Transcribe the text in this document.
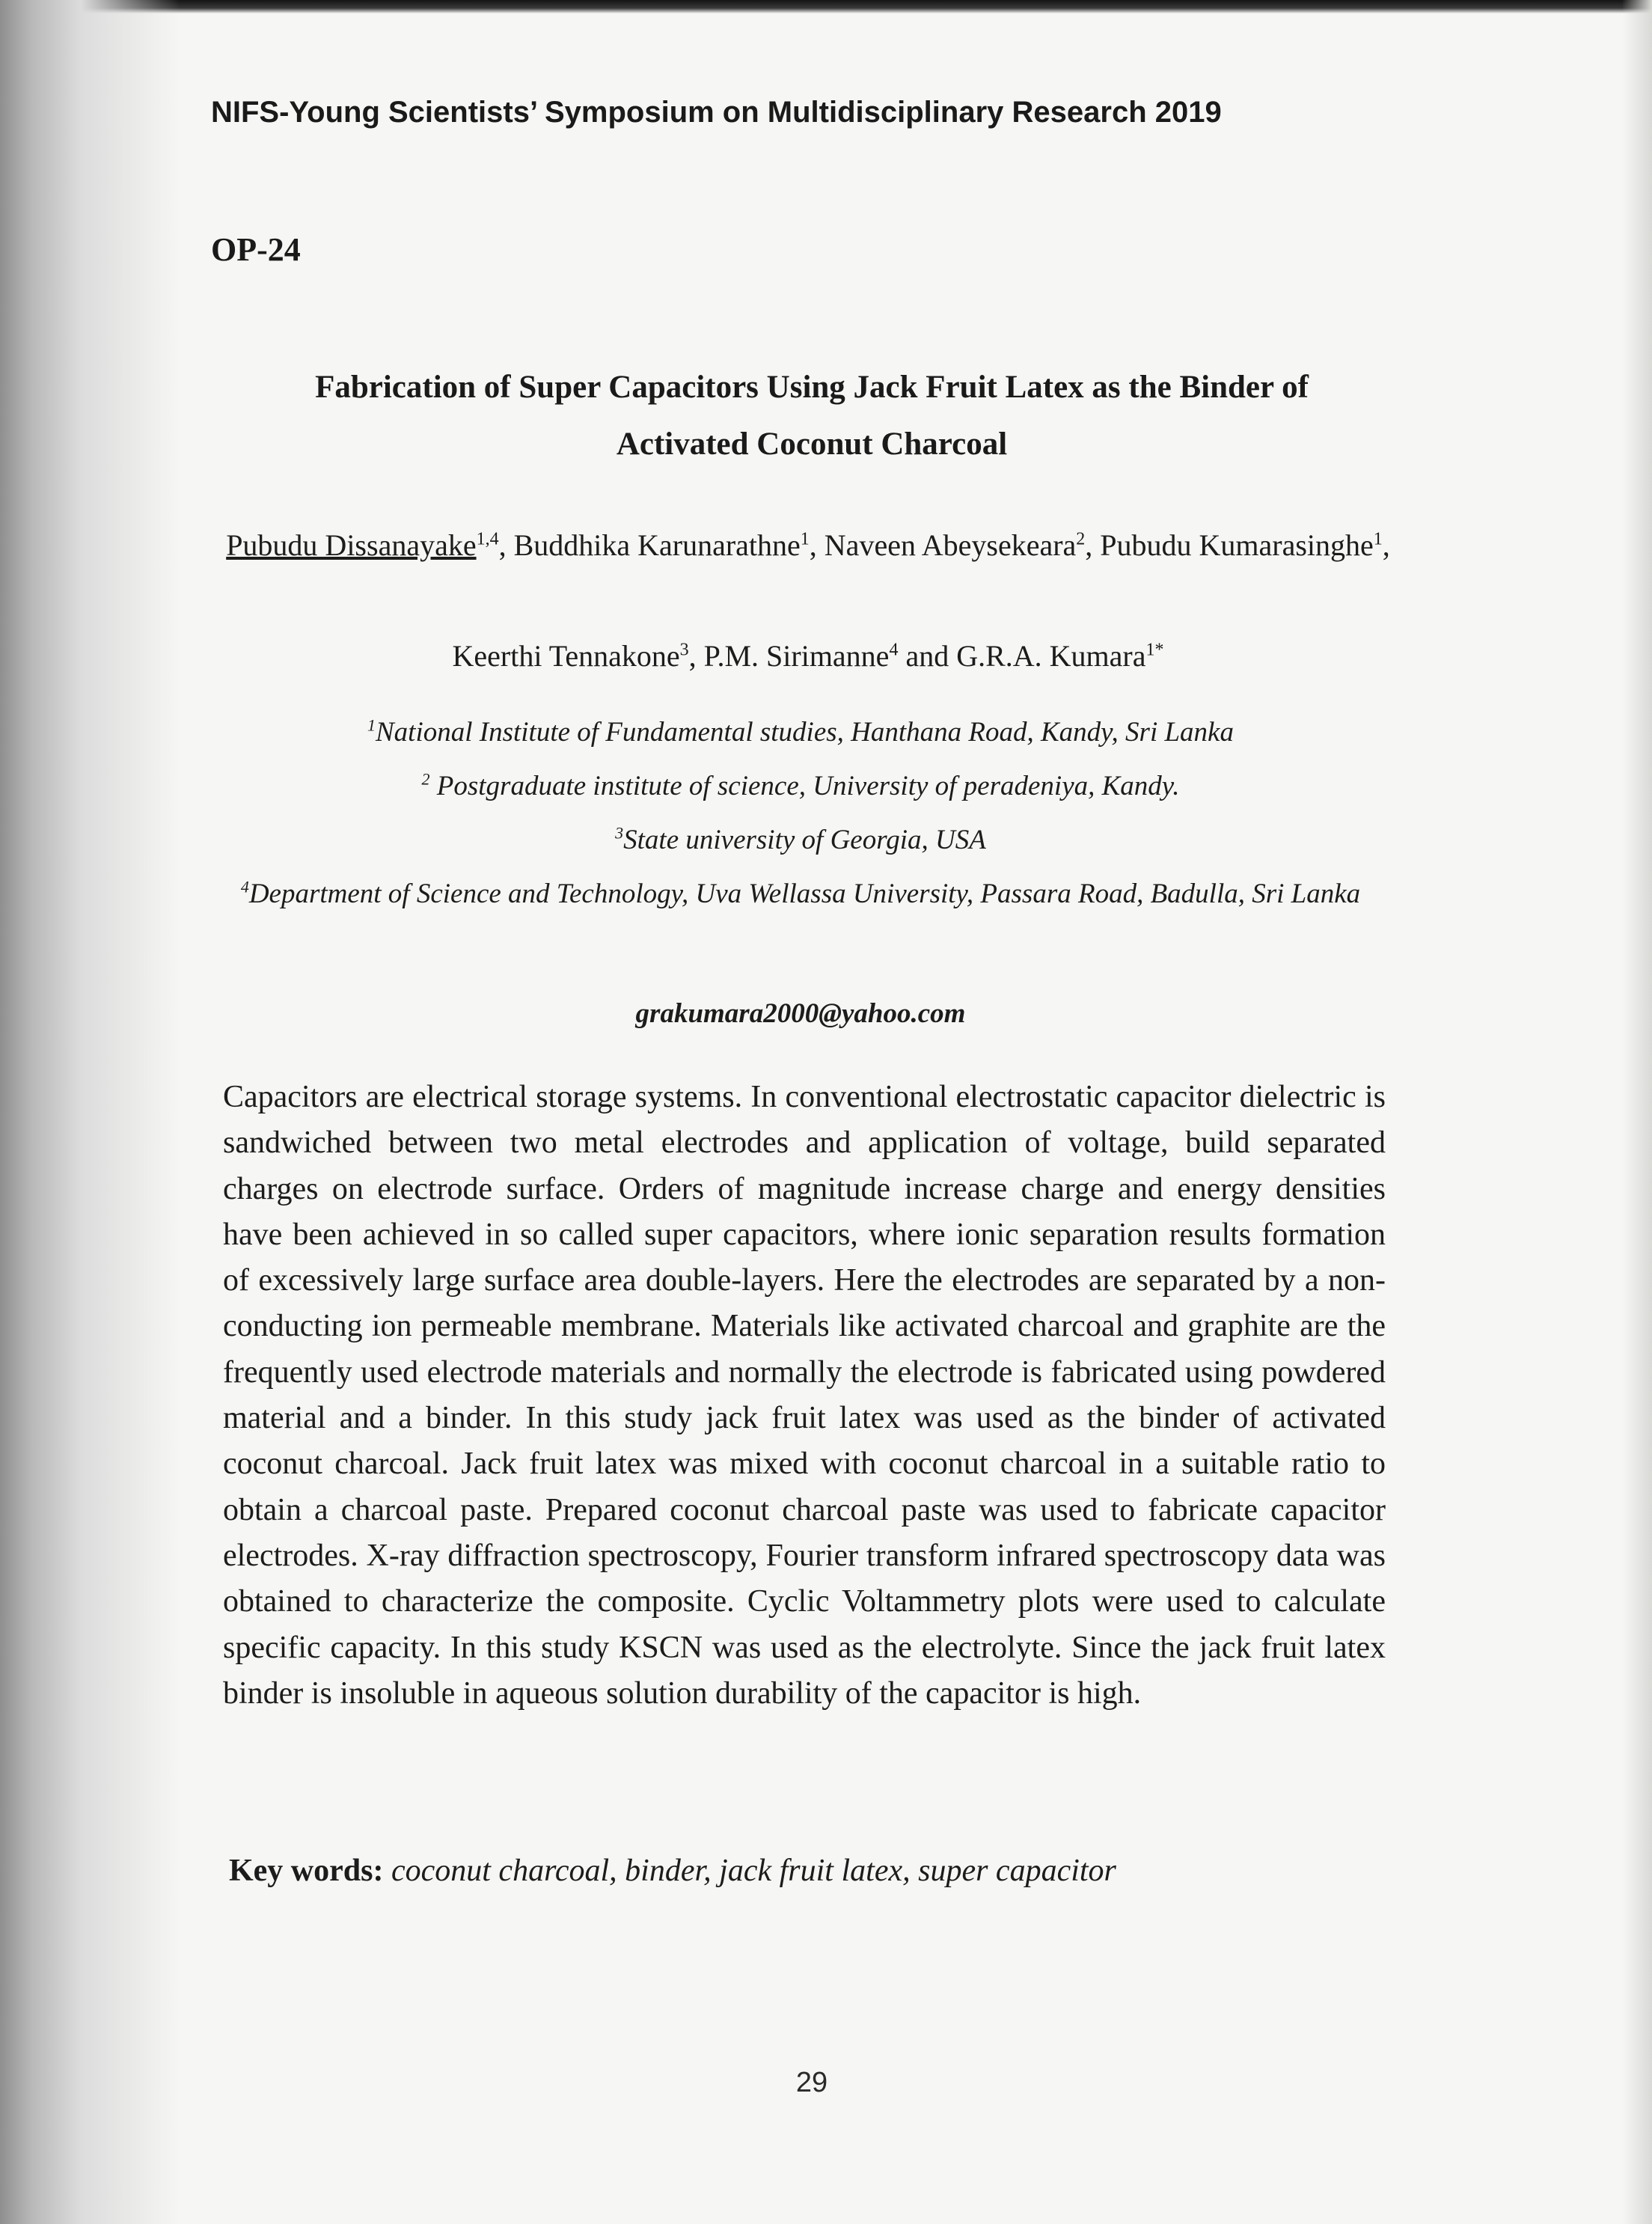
NIFS-Young Scientists’ Symposium on Multidisciplinary Research 2019
OP-24
Fabrication of Super Capacitors Using Jack Fruit Latex as the Binder of
Activated Coconut Charcoal
Pubudu Dissanayake$^{1,4}$, Buddhika Karunarathne$^1$, Naveen Abeysekeara$^2$, Pubudu Kumarasinghe$^1$,
Keerthi Tennakone$^3$, P.M. Sirimanne$^4$ and G.R.A. Kumara$^{1*}$
$^1$National Institute of Fundamental studies, Hanthana Road, Kandy, Sri Lanka
$^2$ Postgraduate institute of science, University of peradeniya, Kandy.
$^3$State university of Georgia, USA
$^4$Department of Science and Technology, Uva Wellassa University, Passara Road, Badulla, Sri Lanka
grakumara2000@yahoo.com

Capacitors are electrical storage systems. In conventional electrostatic capacitor dielectric is sandwiched between two metal electrodes and application of voltage, build separated charges on electrode surface. Orders of magnitude increase charge and energy densities have been achieved in so called super capacitors, where ionic separation results formation of excessively large surface area double-layers. Here the electrodes are separated by a non-conducting ion permeable membrane. Materials like activated charcoal and graphite are the frequently used electrode materials and normally the electrode is fabricated using powdered material and a binder. In this study jack fruit latex was used as the binder of activated coconut charcoal. Jack fruit latex was mixed with coconut charcoal in a suitable ratio to obtain a charcoal paste. Prepared coconut charcoal paste was used to fabricate capacitor electrodes. X-ray diffraction spectroscopy, Fourier transform infrared spectroscopy data was obtained to characterize the composite. Cyclic Voltammetry plots were used to calculate specific capacity. In this study KSCN was used as the electrolyte. Since the jack fruit latex binder is insoluble in aqueous solution durability of the capacitor is high.

Key words: coconut charcoal, binder, jack fruit latex, super capacitor
29
